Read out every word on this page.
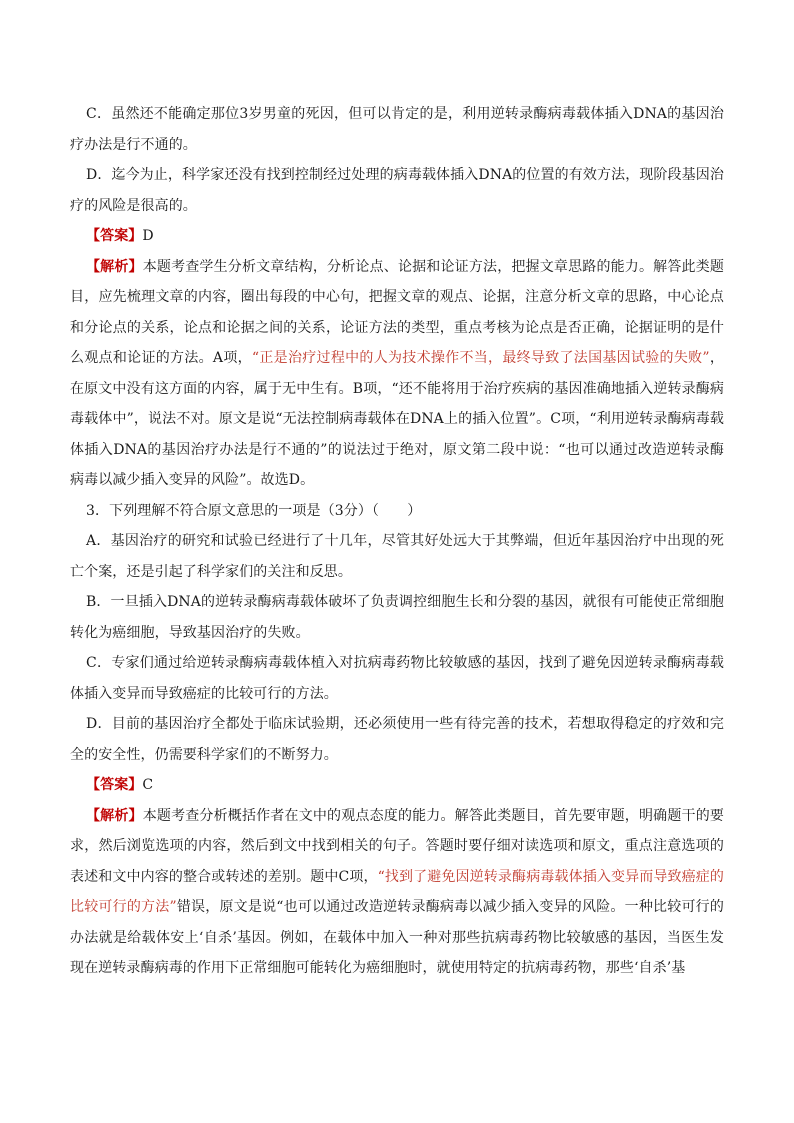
C．虽然还不能确定那位3岁男童的死因，但可以肯定的是，利用逆转录酶病毒载体插入DNA的基因治疗办法是行不通的。

D．迄今为止，科学家还没有找到控制经过处理的病毒载体插入DNA的位置的有效方法，现阶段基因治疗的风险是很高的。

【答案】D

【解析】本题考查学生分析文章结构，分析论点、论据和论证方法，把握文章思路的能力。解答此类题目，应先梳理文章的内容，圈出每段的中心句，把握文章的观点、论据，注意分析文章的思路，中心论点和分论点的关系，论点和论据之间的关系，论证方法的类型，重点考核为论点是否正确，论据证明的是什么观点和论证的方法。A项，“正是治疗过程中的人为技术操作不当，最终导致了法国基因试验的失败”，在原文中没有这方面的内容，属于无中生有。B项，“还不能将用于治疗疾病的基因准确地插入逆转录酶病毒载体中”，说法不对。原文是说“无法控制病毒载体在DNA上的插入位置”。C项，“利用逆转录酶病毒载体插入DNA的基因治疗办法是行不通的”的说法过于绝对，原文第二段中说：“也可以通过改造逆转录酶病毒以减少插入变异的风险”。故选D。

3．下列理解不符合原文意思的一项是（3分）（　　）

A．基因治疗的研究和试验已经进行了十几年，尽管其好处远大于其弊端，但近年基因治疗中出现的死亡个案，还是引起了科学家们的关注和反思。

B．一旦插入DNA的逆转录酶病毒载体破坏了负责调控细胞生长和分裂的基因，就很有可能使正常细胞转化为癌细胞，导致基因治疗的失败。

C．专家们通过给逆转录酶病毒载体植入对抗病毒药物比较敏感的基因，找到了避免因逆转录酶病毒载体插入变异而导致癌症的比较可行的方法。

D．目前的基因治疗全都处于临床试验期，还必须使用一些有待完善的技术，若想取得稳定的疗效和完全的安全性，仍需要科学家们的不断努力。

【答案】C

【解析】本题考查分析概括作者在文中的观点态度的能力。解答此类题目，首先要审题，明确题干的要求，然后浏览选项的内容，然后到文中找到相关的句子。答题时要仔细对读选项和原文，重点注意选项的表述和文中内容的整合或转述的差别。题中C项，“找到了避免因逆转录酶病毒载体插入变异而导致癌症的比较可行的方法”错误，原文是说“也可以通过改造逆转录酶病毒以减少插入变异的风险。一种比较可行的办法就是给载体安上‘自杀’基因。例如，在载体中加入一种对那些抗病毒药物比较敏感的基因，当医生发现在逆转录酶病毒的作用下正常细胞可能转化为癌细胞时，就使用特定的抗病毒药物，那些‘自杀’基
